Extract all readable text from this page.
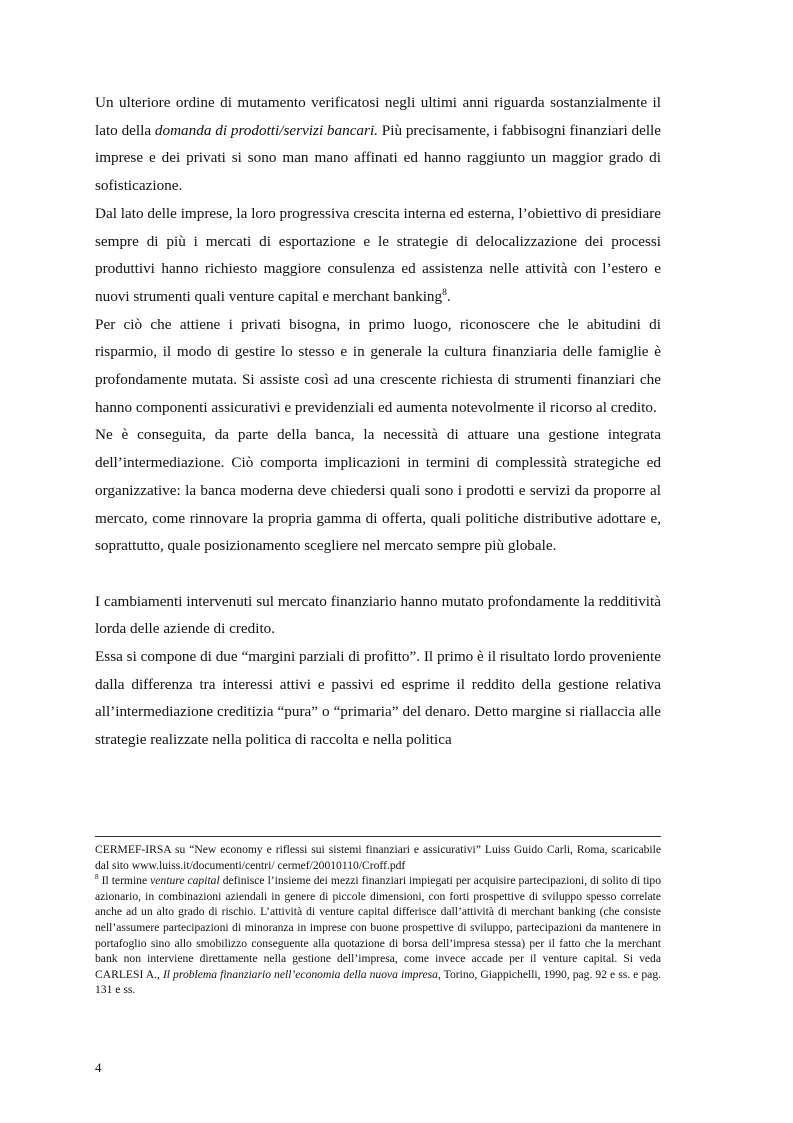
Un ulteriore ordine di mutamento verificatosi negli ultimi anni riguarda sostanzialmente il lato della domanda di prodotti/servizi bancari. Più precisamente, i fabbisogni finanziari delle imprese e dei privati si sono man mano affinati ed hanno raggiunto un maggior grado di sofisticazione.

Dal lato delle imprese, la loro progressiva crescita interna ed esterna, l’obiettivo di presidiare sempre di più i mercati di esportazione e le strategie di delocalizzazione dei processi produttivi hanno richiesto maggiore consulenza ed assistenza nelle attività con l’estero e nuovi strumenti quali venture capital e merchant banking$^8$.

Per ciò che attiene i privati bisogna, in primo luogo, riconoscere che le abitudini di risparmio, il modo di gestire lo stesso e in generale la cultura finanziaria delle famiglie è profondamente mutata. Si assiste così ad una crescente richiesta di strumenti finanziari che hanno componenti assicurativi e previdenziali ed aumenta notevolmente il ricorso al credito.

Ne è conseguita, da parte della banca, la necessità di attuare una gestione integrata dell’intermediazione. Ciò comporta implicazioni in termini di complessità strategiche ed organizzative: la banca moderna deve chiedersi quali sono i prodotti e servizi da proporre al mercato, come rinnovare la propria gamma di offerta, quali politiche distributive adottare e, soprattutto, quale posizionamento scegliere nel mercato sempre più globale.

I cambiamenti intervenuti sul mercato finanziario hanno mutato profondamente la redditività lorda delle aziende di credito.

Essa si compone di due “margini parziali di profitto”. Il primo è il risultato lordo proveniente dalla differenza tra interessi attivi e passivi ed esprime il reddito della gestione relativa all’intermediazione creditizia “pura” o “primaria” del denaro. Detto margine si riallaccia alle strategie realizzate nella politica di raccolta e nella politica

CERMEF-IRSA su “New economy e riflessi sui sistemi finanziari e assicurativi” Luiss Guido Carli, Roma, scaricabile dal sito www.luiss.it/documenti/centri/ cermef/20010110/Croff.pdf

$^8$ Il termine venture capital definisce l’insieme dei mezzi finanziari impiegati per acquisire partecipazioni, di solito di tipo azionario, in combinazioni aziendali in genere di piccole dimensioni, con forti prospettive di sviluppo spesso correlate anche ad un alto grado di rischio. L’attività di venture capital differisce dall’attività di merchant banking (che consiste nell’assumere partecipazioni di minoranza in imprese con buone prospettive di sviluppo, partecipazioni da mantenere in portafoglio sino allo smobilizzo conseguente alla quotazione di borsa dell’impresa stessa) per il fatto che la merchant bank non interviene direttamente nella gestione dell’impresa, come invece accade per il venture capital. Si veda CARLESI A., Il problema finanziario nell’economia della nuova impresa, Torino, Giappichelli, 1990, pag. 92 e ss. e pag. 131 e ss.

4
